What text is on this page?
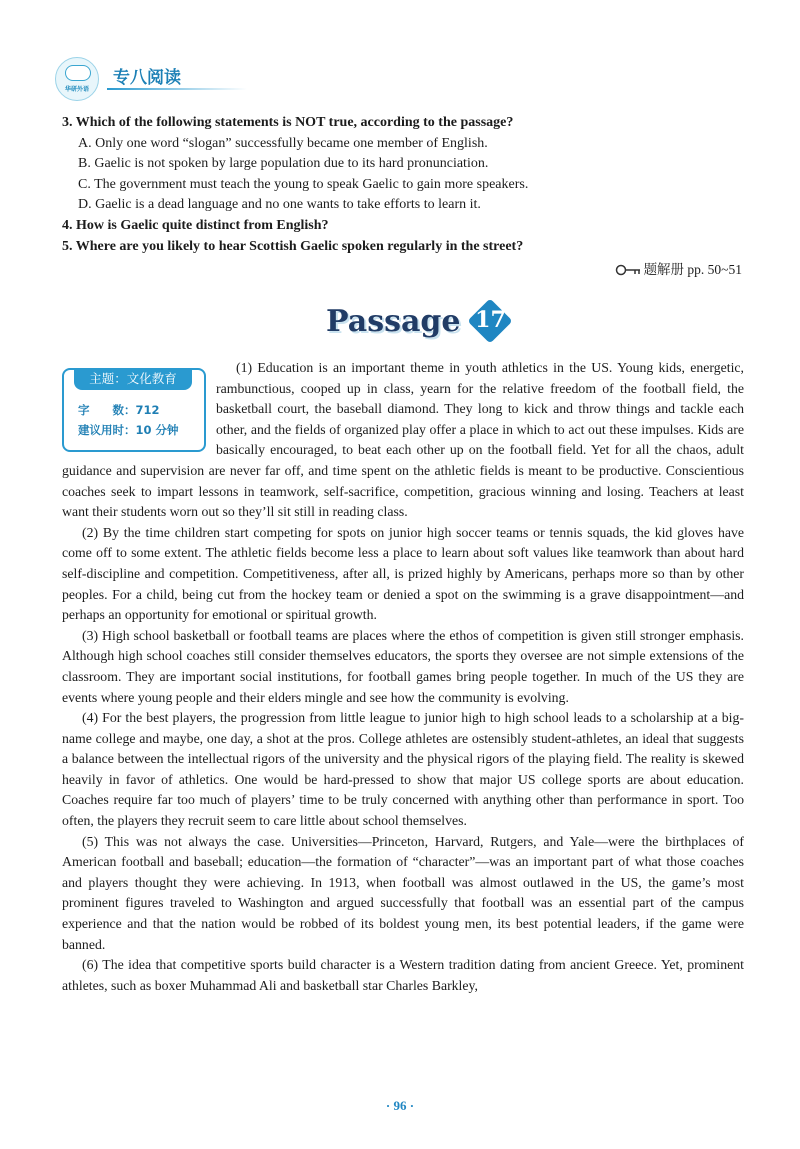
华研外语
专八阅读
3. Which of the following statements is NOT true, according to the passage?
A. Only one word “slogan” successfully became one member of English.
B. Gaelic is not spoken by large population due to its hard pronunciation.
C. The government must teach the young to speak Gaelic to gain more speakers.
D. Gaelic is a dead language and no one wants to take efforts to learn it.
4. How is Gaelic quite distinct from English?
5. Where are you likely to hear Scottish Gaelic spoken regularly in the street?
题解册 pp. 50~51
Passage 17
主题：文化教育
字　　数：712
建议用时：10 分钟

(1) Education is an important theme in youth athletics in the US. Young kids, energetic, rambunctious, cooped up in class, yearn for the relative freedom of the football field, the basketball court, the baseball diamond. They long to kick and throw things and tackle each other, and the fields of organized play offer a place in which to act out these impulses. Kids are basically encouraged, to beat each other up on the football field. Yet for all the chaos, adult guidance and supervision are never far off, and time spent on the athletic fields is meant to be productive. Conscientious coaches seek to impart lessons in teamwork, self-sacrifice, competition, gracious winning and losing. Teachers at least want their students worn out so they’ll sit still in reading class.

(2) By the time children start competing for spots on junior high soccer teams or tennis squads, the kid gloves have come off to some extent. The athletic fields become less a place to learn about soft values like teamwork than about hard self-discipline and competition. Competitiveness, after all, is prized highly by Americans, perhaps more so than by other peoples. For a child, being cut from the hockey team or denied a spot on the swimming is a grave disappointment—and perhaps an opportunity for emotional or spiritual growth.

(3) High school basketball or football teams are places where the ethos of competition is given still stronger emphasis. Although high school coaches still consider themselves educators, the sports they oversee are not simple extensions of the classroom. They are important social institutions, for football games bring people together. In much of the US they are events where young people and their elders mingle and see how the community is evolving.

(4) For the best players, the progression from little league to junior high to high school leads to a scholarship at a big-name college and maybe, one day, a shot at the pros. College athletes are ostensibly student-athletes, an ideal that suggests a balance between the intellectual rigors of the university and the physical rigors of the playing field. The reality is skewed heavily in favor of athletics. One would be hard-pressed to show that major US college sports are about education. Coaches require far too much of players’ time to be truly concerned with anything other than performance in sport. Too often, the players they recruit seem to care little about school themselves.

(5) This was not always the case. Universities—Princeton, Harvard, Rutgers, and Yale—were the birthplaces of American football and baseball; education—the formation of “character”—was an important part of what those coaches and players thought they were achieving. In 1913, when football was almost outlawed in the US, the game’s most prominent figures traveled to Washington and argued successfully that football was an essential part of the campus experience and that the nation would be robbed of its boldest young men, its best potential leaders, if the game were banned.

(6) The idea that competitive sports build character is a Western tradition dating from ancient Greece. Yet, prominent athletes, such as boxer Muhammad Ali and basketball star Charles Barkley,

· 96 ·
